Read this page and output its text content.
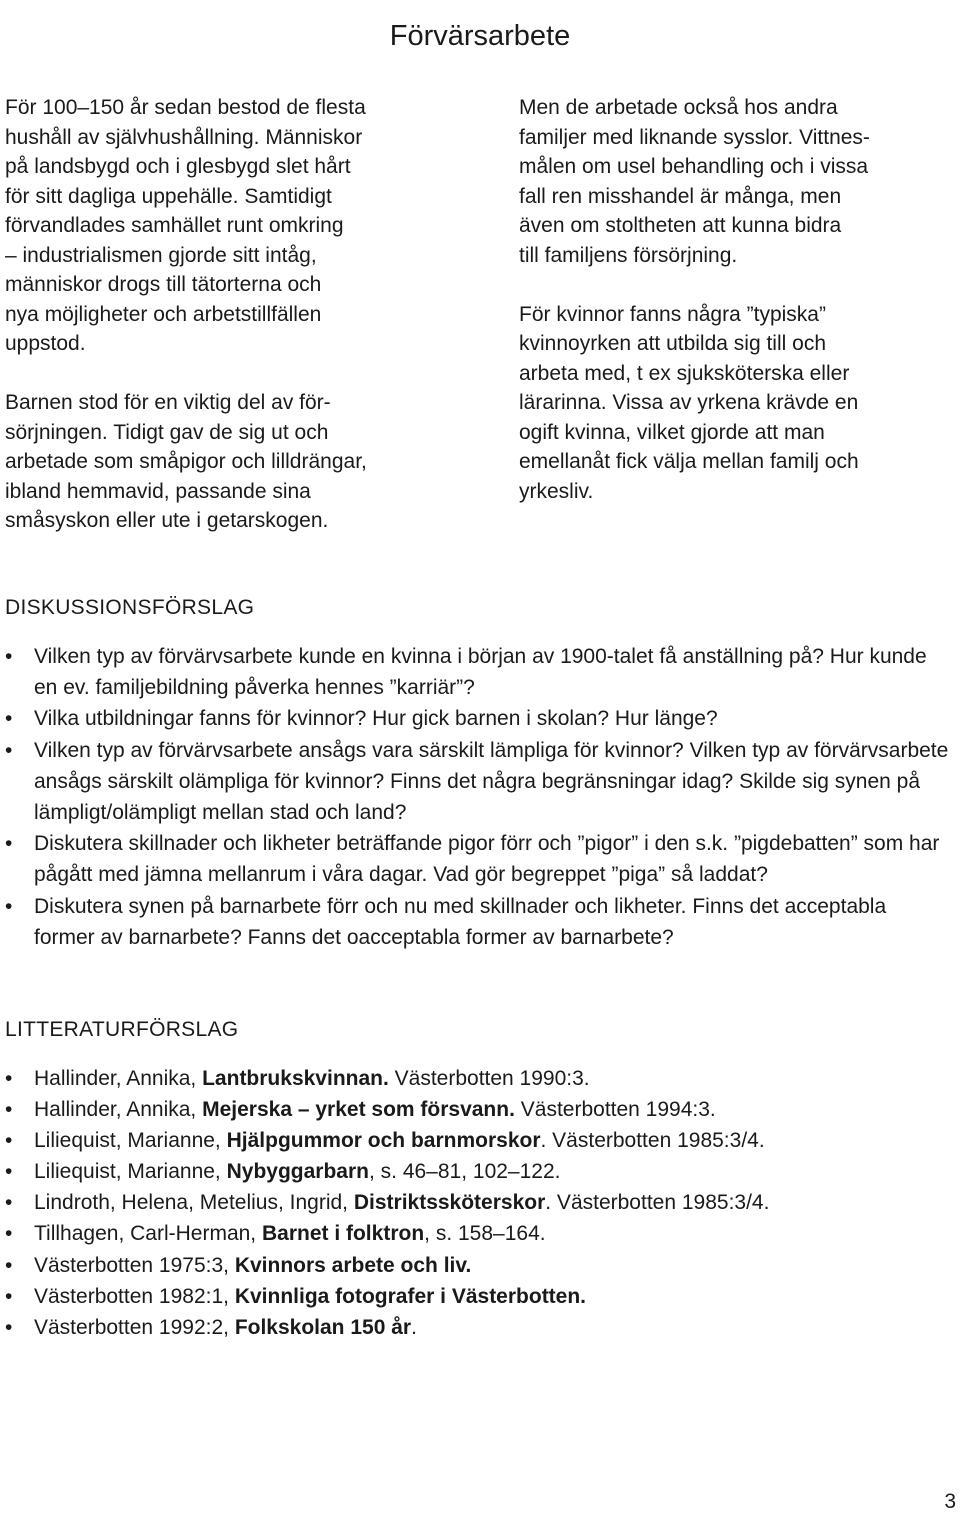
Förvärsarbete

För 100–150 år sedan bestod de flesta
hushåll av självhushållning. Människor
på landsbygd och i glesbygd slet hårt
för sitt dagliga uppehälle. Samtidigt
förvandlades samhället runt omkring
– industrialismen gjorde sitt intåg,
människor drogs till tätorterna och
nya möjligheter och arbetstillfällen
uppstod.

Barnen stod för en viktig del av för-
sörjningen. Tidigt gav de sig ut och
arbetade som småpigor och lilldrängar,
ibland hemmavid, passande sina
småsyskon eller ute i getarskogen.

Men de arbetade också hos andra
familjer med liknande sysslor. Vittnes-
målen om usel behandling och i vissa
fall ren misshandel är många, men
även om stoltheten att kunna bidra
till familjens försörjning.

För kvinnor fanns några ”typiska”
kvinnoyrken att utbilda sig till och
arbeta med, t ex sjuksköterska eller
lärarinna. Vissa av yrkena krävde en
ogift kvinna, vilket gjorde att man
emellanåt fick välja mellan familj och
yrkesliv.

DISKUSSIONSFÖRSLAG
• Vilken typ av förvärvsarbete kunde en kvinna i början av 1900-talet få anställning på? Hur kunde en ev. familjebildning påverka hennes ”karriär”?
• Vilka utbildningar fanns för kvinnor? Hur gick barnen i skolan? Hur länge?
• Vilken typ av förvärvsarbete ansågs vara särskilt lämpliga för kvinnor? Vilken typ av förvärvsarbete ansågs särskilt olämpliga för kvinnor? Finns det några begränsningar idag? Skilde sig synen på lämpligt/olämpligt mellan stad och land?
• Diskutera skillnader och likheter beträffande pigor förr och ”pigor” i den s.k. ”pigdebatten” som har pågått med jämna mellanrum i våra dagar. Vad gör begreppet ”piga” så laddat?
• Diskutera synen på barnarbete förr och nu med skillnader och likheter. Finns det acceptabla former av barnarbete? Fanns det oacceptabla former av barnarbete?
LITTERATURFÖRSLAG
• Hallinder, Annika, Lantbrukskvinnan. Västerbotten 1990:3.
• Hallinder, Annika, Mejerska – yrket som försvann. Västerbotten 1994:3.
• Liliequist, Marianne, Hjälpgummor och barnmorskor. Västerbotten 1985:3/4.
• Liliequist, Marianne, Nybyggarbarn, s. 46–81, 102–122.
• Lindroth, Helena, Metelius, Ingrid, Distriktssköterskor. Västerbotten 1985:3/4.
• Tillhagen, Carl-Herman, Barnet i folktron, s. 158–164.
• Västerbotten 1975:3, Kvinnors arbete och liv.
• Västerbotten 1982:1, Kvinnliga fotografer i Västerbotten.
• Västerbotten 1992:2, Folkskolan 150 år.
3
